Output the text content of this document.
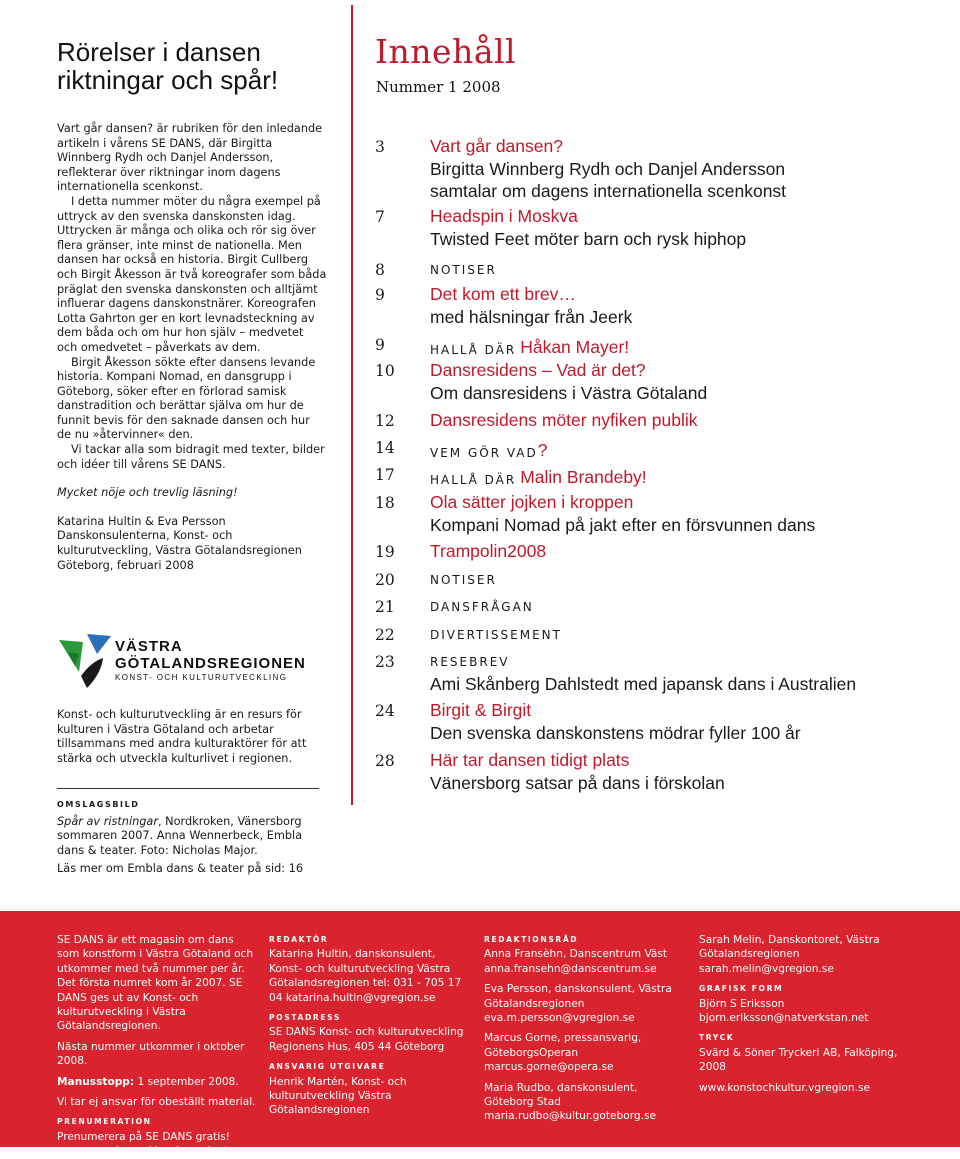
Rörelser i dansen
riktningar och spår!

Vart går dansen? är rubriken för den inledande artikeln i vårens SE DANS, där Birgitta Winnberg Rydh och Danjel Andersson, reflekterar över riktningar inom dagens internationella scenkonst.

I detta nummer möter du några exempel på uttryck av den svenska danskonsten idag. Uttrycken är många och olika och rör sig över flera gränser, inte minst de nationella. Men dansen har också en historia. Birgit Cullberg och Birgit Åkesson är två koreografer som båda präglat den svenska danskonsten och alltjämt influerar dagens danskonstnärer. Koreografen Lotta Gahrton ger en kort levnadsteckning av dem båda och om hur hon själv – medvetet och omedvetet – påverkats av dem.

Birgit Åkesson sökte efter dansens levande historia. Kompani Nomad, en dansgrupp i Göteborg, söker efter en förlorad samisk danstradition och berättar själva om hur de funnit bevis för den saknade dansen och hur de nu »återvinner« den.

Vi tackar alla som bidragit med texter, bilder och idéer till vårens SE DANS.

Mycket nöje och trevlig läsning!

Katarina Hultin & Eva Persson

Danskonsulenterna, Konst- och kulturutveckling, Västra Götalandsregionen

Göteborg, februari 2008

VÄSTRA
GÖTALANDSREGIONEN
KONST- OCH KULTURUTVECKLING
Konst- och kulturutveckling är en resurs för kulturen i Västra Götaland och arbetar tillsammans med andra kulturaktörer för att stärka och utveckla kulturlivet i regionen.
OMSLAGSBILD
Spår av ristningar, Nordkroken, Vänersborg sommaren 2007. Anna Wennerbeck, Embla dans & teater. Foto: Nicholas Major.
Läs mer om Embla dans & teater på sid: 16
Innehåll
Nummer 1 2008
3	Vart går dansen?
Birgitta Winnberg Rydh och Danjel Andersson
samtalar om dagens internationella scenkonst
7	Headspin i Moskva
Twisted Feet möter barn och rysk hiphop
8	NOTISER
9	Det kom ett brev…
med hälsningar från Jeerk
9	HALLÅ DÄR Håkan Mayer!
10 Dansresidens – Vad är det?
Om dansresidens i Västra Götaland
12 Dansresidens möter nyfiken publik
14	VEM GÖR VAD?
17	HALLÅ DÄR Malin Brandeby!
18 Ola sätter jojken i kroppen
Kompani Nomad på jakt efter en försvunnen dans
19 Trampolin2008
20	NOTISER
21	DANSFRÅGAN
22	DIVERTISSEMENT
23	RESEBREV
Ami Skånberg Dahlstedt med japansk dans i Australien
24 Birgit & Birgit
Den svenska danskonstens mödrar fyller 100 år
28 Här tar dansen tidigt plats
Vänersborg satsar på dans i förskolan

SE DANS är ett magasin om dans som konstform i Västra Götaland och utkommer med två nummer per år. Det första numret kom år 2007. SE DANS ges ut av Konst- och kulturutveckling i Västra Götalandsregionen.

Nästa nummer utkommer i oktober 2008.

Manusstopp: 1 september 2008.

Vi tar ej ansvar för obeställt material.

PRENUMERATION

Prenumerera på SE DANS gratis! www.vgregion.se/danskonsulenterna

REDAKTÖR

Katarina Hultin, danskonsulent, Konst- och kulturutveckling Västra Götalandsregionen tel: 031 - 705 17 04 katarina.hultin@vgregion.se

POSTADRESS

SE DANS Konst- och kulturutveckling Regionens Hus, 405 44 Göteborg

ANSVARIG UTGIVARE

Henrik Martén, Konst- och kulturutveckling Västra Götalandsregionen

REDAKTIONSRÅD

Anna Fransèhn, Danscentrum Väst anna.fransehn@danscentrum.se

Eva Persson, danskonsulent, Västra Götalandsregionen eva.m.persson@vgregion.se

Marcus Gorne, pressansvarig, GöteborgsOperan marcus.gorne@opera.se

Maria Rudbo, danskonsulent, Göteborg Stad maria.rudbo@kultur.goteborg.se

Sarah Melin, Danskontoret, Västra Götalandsregionen sarah.melin@vgregion.se

GRAFISK FORM

Björn S Eriksson bjorn.eriksson@natverkstan.net

TRYCK

Svärd & Söner Tryckeri AB, Falköping, 2008

www.konstochkultur.vgregion.se
